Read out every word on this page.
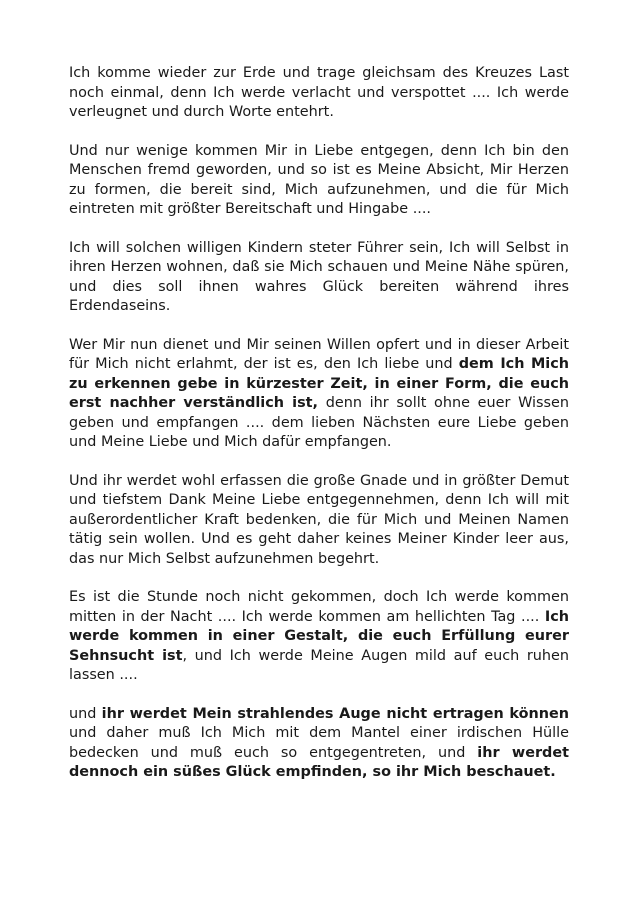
Ich komme wieder zur Erde und trage gleichsam des Kreuzes Last noch einmal, denn Ich werde verlacht und verspottet .... Ich werde verleugnet und durch Worte entehrt.

Und nur wenige kommen Mir in Liebe entgegen, denn Ich bin den Menschen fremd geworden, und so ist es Meine Absicht, Mir Herzen zu formen, die bereit sind, Mich aufzunehmen, und die für Mich eintreten mit größter Bereitschaft und Hingabe ....

Ich will solchen willigen Kindern steter Führer sein, Ich will Selbst in ihren Herzen wohnen, daß sie Mich schauen und Meine Nähe spüren, und dies soll ihnen wahres Glück bereiten während ihres Erdendaseins.

Wer Mir nun dienet und Mir seinen Willen opfert und in dieser Arbeit für Mich nicht erlahmt, der ist es, den Ich liebe und dem Ich Mich zu erkennen gebe in kürzester Zeit, in einer Form, die euch erst nachher verständlich ist, denn ihr sollt ohne euer Wissen geben und empfangen .... dem lieben Nächsten eure Liebe geben und Meine Liebe und Mich dafür empfangen.

Und ihr werdet wohl erfassen die große Gnade und in größter Demut und tiefstem Dank Meine Liebe entgegennehmen, denn Ich will mit außerordentlicher Kraft bedenken, die für Mich und Meinen Namen tätig sein wollen. Und es geht daher keines Meiner Kinder leer aus, das nur Mich Selbst aufzunehmen begehrt.

Es ist die Stunde noch nicht gekommen, doch Ich werde kommen mitten in der Nacht .... Ich werde kommen am hellichten Tag .... Ich werde kommen in einer Gestalt, die euch Erfüllung eurer Sehnsucht ist, und Ich werde Meine Augen mild auf euch ruhen lassen ....

und ihr werdet Mein strahlendes Auge nicht ertragen können und daher muß Ich Mich mit dem Mantel einer irdischen Hülle bedecken und muß euch so entgegentreten, und ihr werdet dennoch ein süßes Glück empfinden, so ihr Mich beschauet.
